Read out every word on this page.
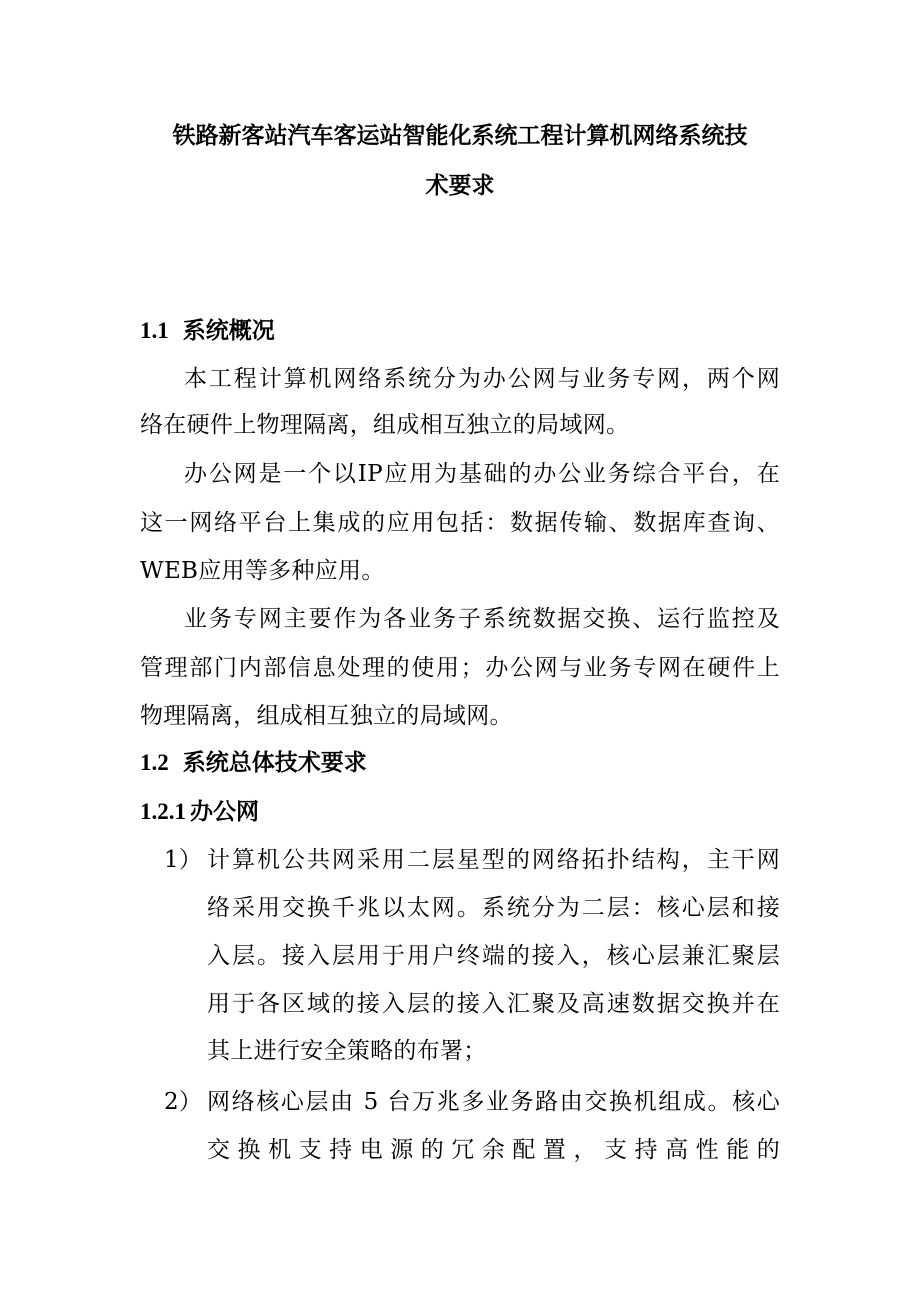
铁路新客站汽车客运站智能化系统工程计算机网络系统技
术要求
1.1 系统概况
本工程计算机网络系统分为办公网与业务专网，两个网
络在硬件上物理隔离，组成相互独立的局域网。
办公网是一个以IP应用为基础的办公业务综合平台，在
这一网络平台上集成的应用包括：数据传输、数据库查询、
WEB应用等多种应用。
业务专网主要作为各业务子系统数据交换、运行监控及
管理部门内部信息处理的使用；办公网与业务专网在硬件上
物理隔离，组成相互独立的局域网。
1.2 系统总体技术要求
1.2.1 办公网
1） 计算机公共网采用二层星型的网络拓扑结构，主干网
络采用交换千兆以太网。系统分为二层：核心层和接
入层。接入层用于用户终端的接入，核心层兼汇聚层
用于各区域的接入层的接入汇聚及高速数据交换并在
其上进行安全策略的布署；
2） 网络核心层由 5 台万兆多业务路由交换机组成。核心
交换机支持电源的冗余配置，支持高性能的
